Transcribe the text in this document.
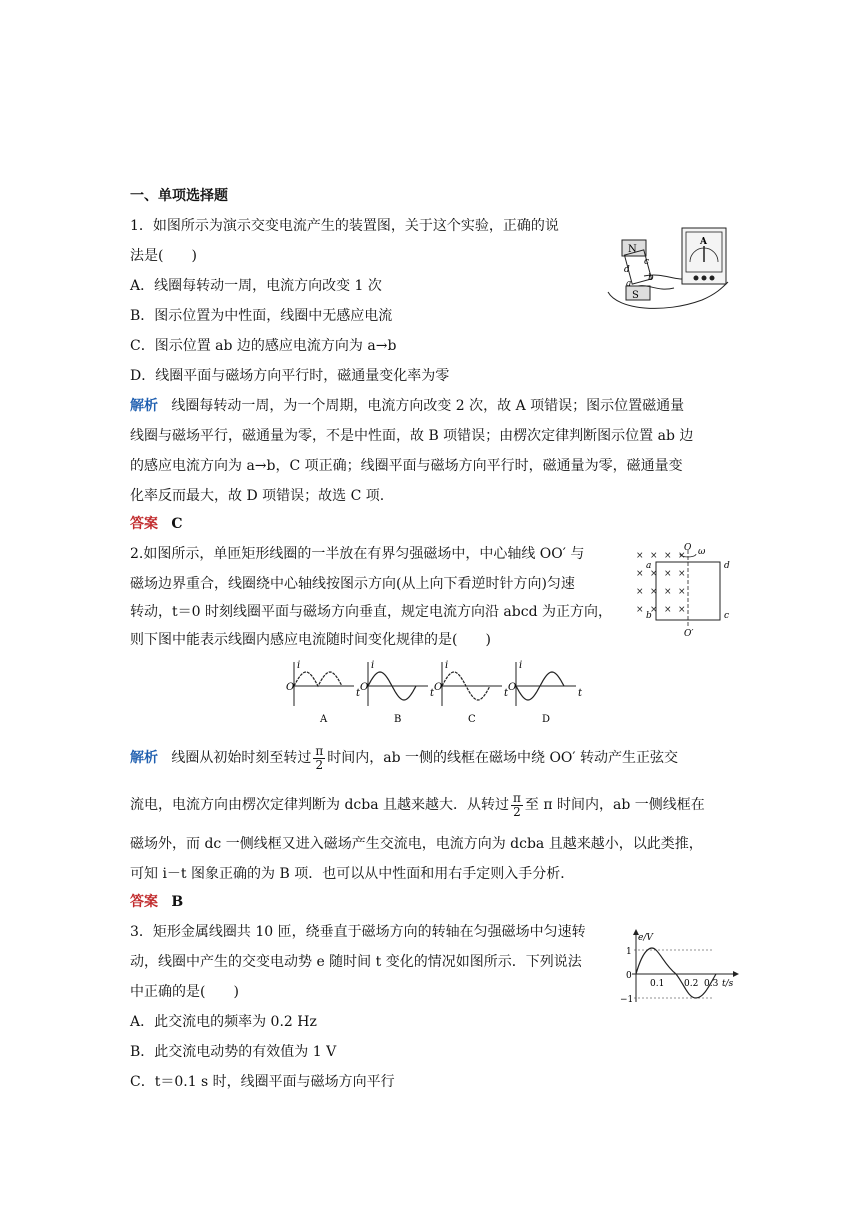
一、单项选择题
1．如图所示为演示交变电流产生的装置图，关于这个实验，正确的说
法是(　　)
A．线圈每转动一周，电流方向改变 1 次
B．图示位置为中性面，线圈中无感应电流
C．图示位置 ab 边的感应电流方向为 a→b
D．线圈平面与磁场方向平行时，磁通量变化率为零
N
S
d
c
b
a
A
解析 线圈每转动一周，为一个周期，电流方向改变 2 次，故 A 项错误；图示位置磁通量
线圈与磁场平行，磁通量为零，不是中性面，故 B 项错误；由楞次定律判断图示位置 ab 边
的感应电流方向为 a→b，C 项正确；线圈平面与磁场方向平行时，磁通量为零，磁通量变
化率反而最大，故 D 项错误；故选 C 项.
答案 C
2.如图所示，单匝矩形线圈的一半放在有界匀强磁场中，中心轴线 OO′ 与
磁场边界重合，线圈绕中心轴线按图示方向(从上向下看逆时针方向)匀速
转动，t＝0 时刻线圈平面与磁场方向垂直，规定电流方向沿 abcd 为正方向，
则下图中能表示线圈内感应电流随时间变化规律的是(　　)
× × × ×
× × × ×
× × × ×
× × × ×
O ω
O′
a	d
b	c
O
i
t
A
O
i
t
B
O
i
t
C
O
i
t
D
解析 线圈从初始时刻至转过 $\frac{\pi}{2}$ 时间内，ab 一侧的线框在磁场中绕 OO′ 转动产生正弦交
流电，电流方向由楞次定律判断为 dcba 且越来越大．从转过 $\frac{\pi}{2}$ 至 π 时间内，ab 一侧线框在
磁场外，而 dc 一侧线框又进入磁场产生交流电，电流方向为 dcba 且越来越小，以此类推，
可知 i－t 图象正确的为 B 项．也可以从中性面和用右手定则入手分析．
答案 B
3．矩形金属线圈共 10 匝，绕垂直于磁场方向的转轴在匀强磁场中匀速转
动，线圈中产生的交变电动势 e 随时间 t 变化的情况如图所示．下列说法
中正确的是(　　)
A．此交流电的频率为 0.2 Hz
B．此交流电动势的有效值为 1 V
C．t＝0.1 s 时，线圈平面与磁场方向平行
e/V
t/s
1
0
−1
0.1 0.2 0.3
